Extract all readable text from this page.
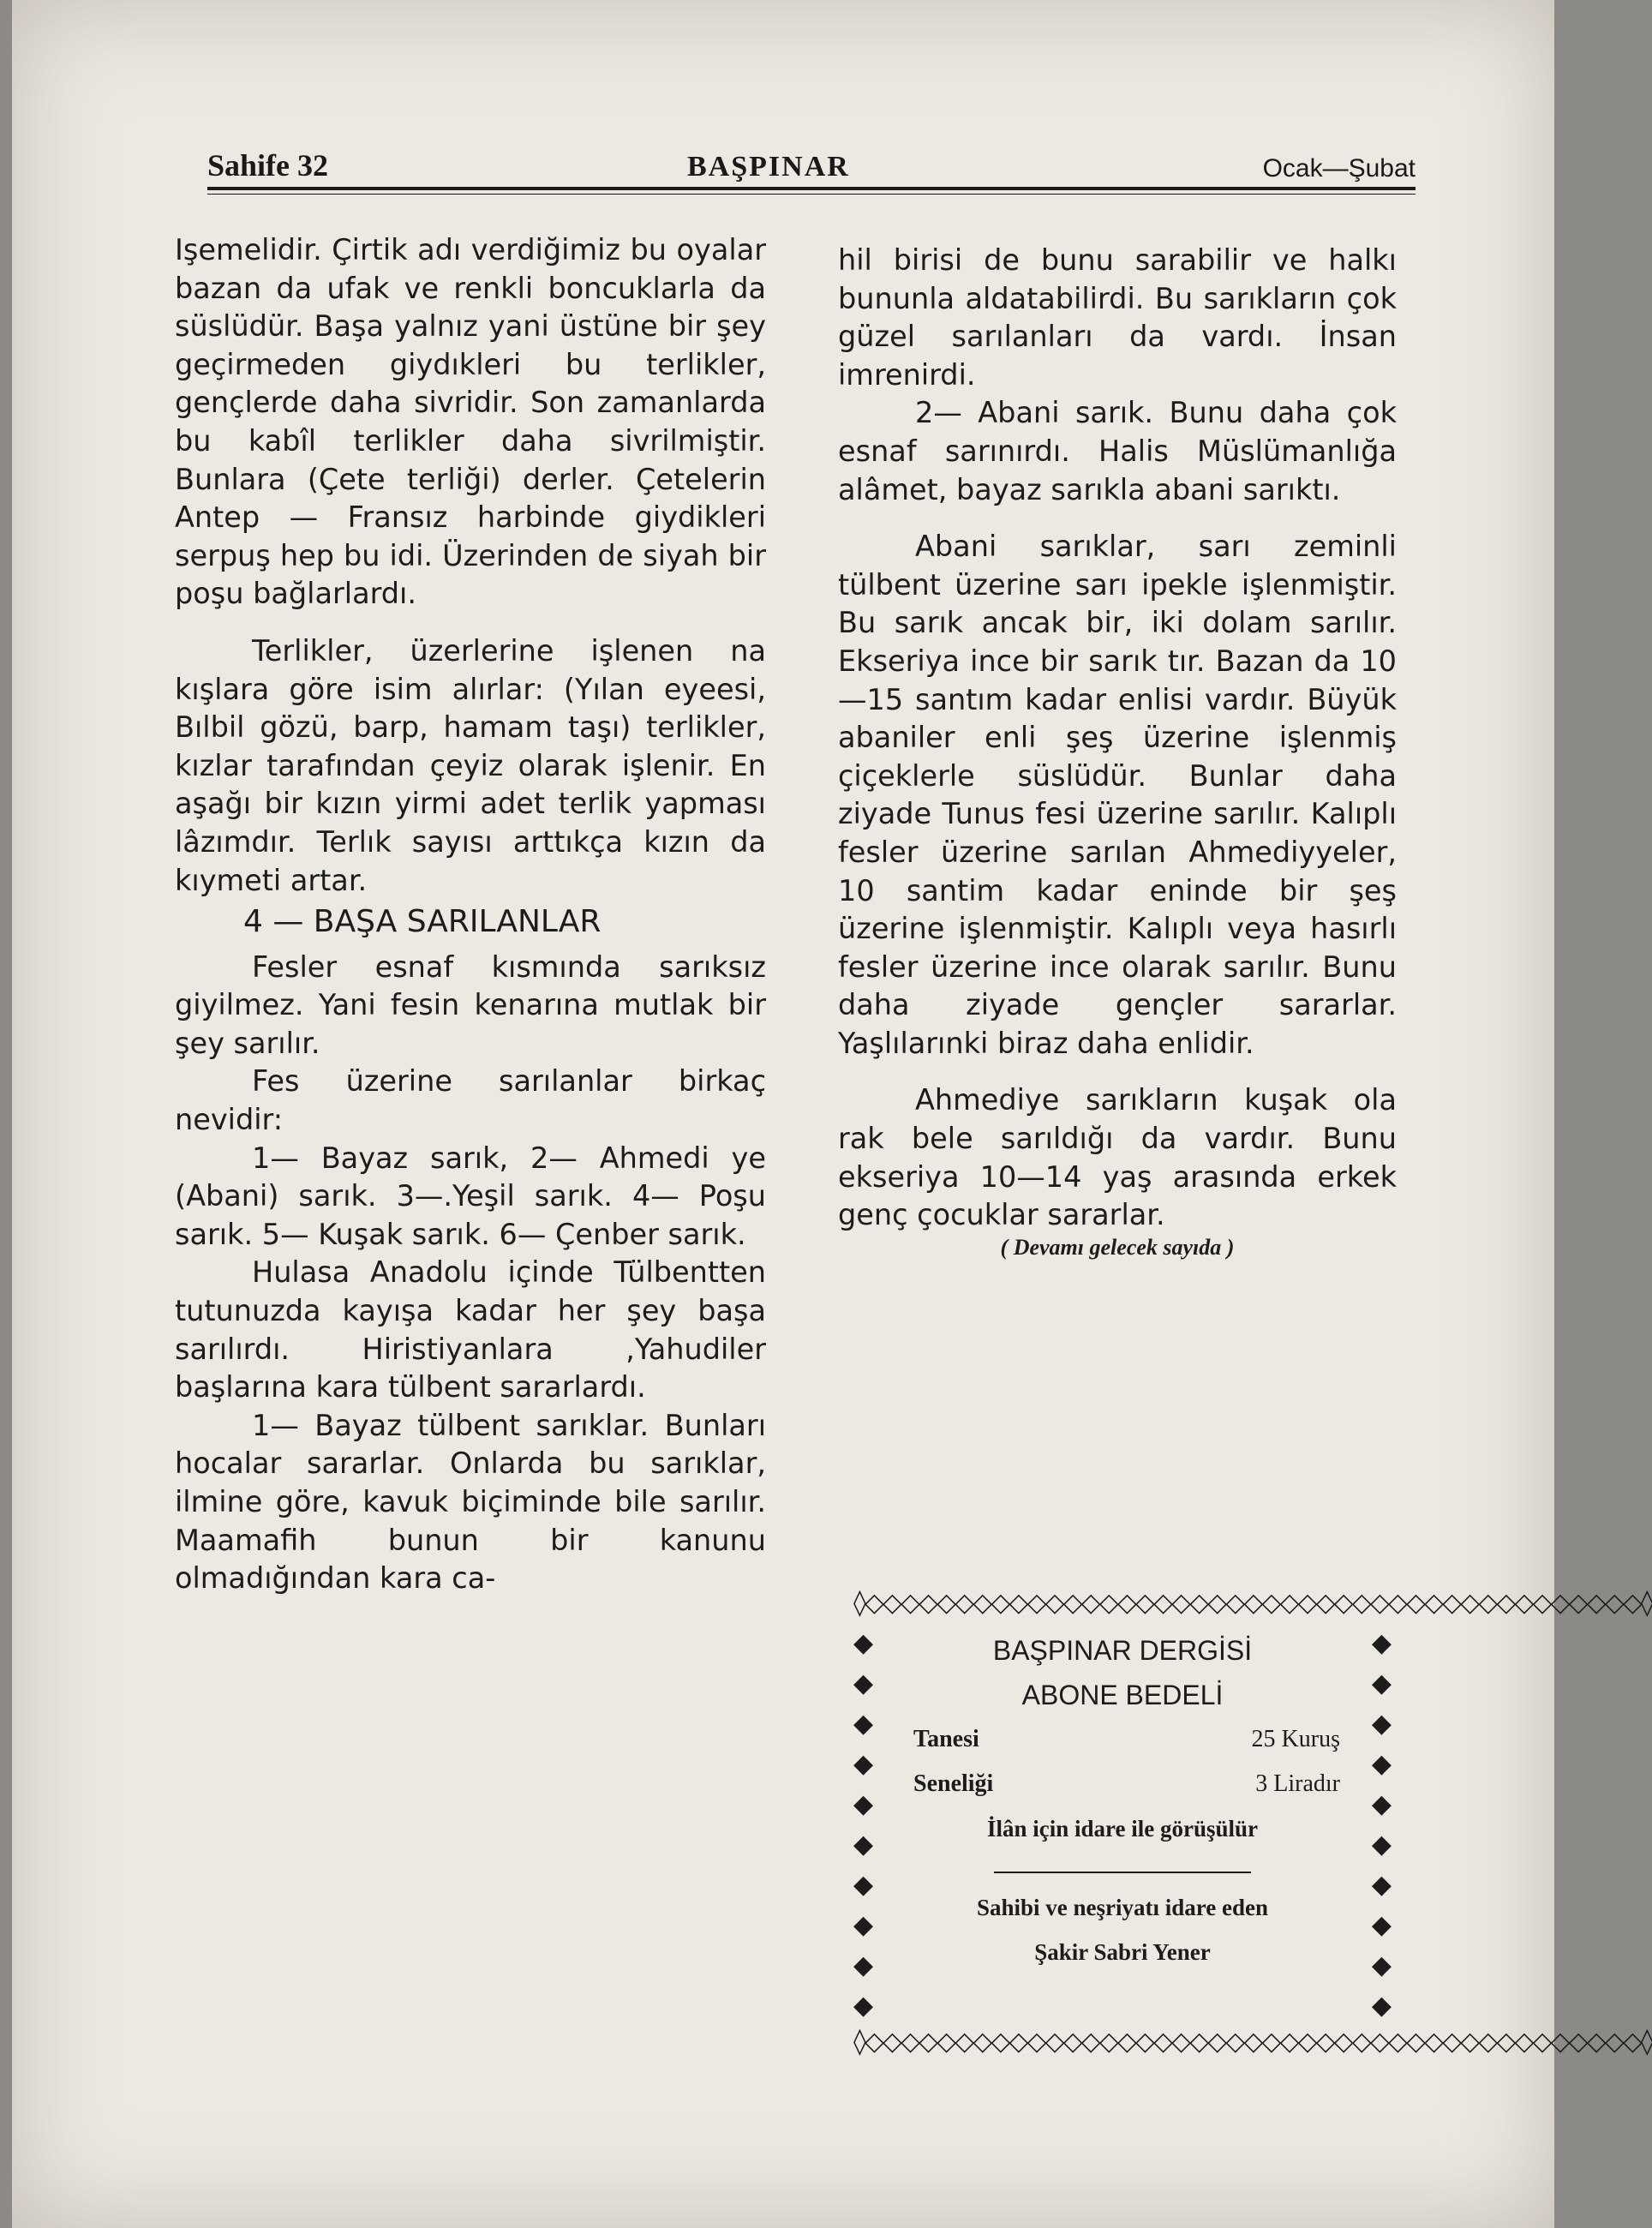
Sahife 32	BAŞPINAR	Ocak—Şubat

Işemelidir. Çirtik adı verdiğimiz bu oyalar bazan da ufak ve renkli boncuklarla da süslüdür. Başa yalnız yani üstüne bir şey geçirmeden giydıkleri bu terlikler, gençlerde daha sivridir. Son zamanlarda bu kabîl terlikler daha sivrilmiştir. Bunlara (Çete terliği) derler. Çetelerin Antep — Fransız harbinde giydikleri serpuş hep bu idi. Üzerinden de siyah bir poşu bağlarlardı.

Terlikler, üzerlerine işlenen na kışlara göre isim alırlar: (Yılan eyeesi, Bılbil gözü, barp, hamam taşı) terlikler, kızlar tarafından çeyiz olarak işlenir. En aşağı bir kızın yirmi adet terlik yapması lâzımdır. Terlık sayısı arttıkça kızın da kıymeti artar.

4 — BAŞA SARILANLAR

Fesler esnaf kısmında sarıksız giyilmez. Yani fesin kenarına mutlak bir şey sarılır.

Fes üzerine sarılanlar birkaç nevidir:

1— Bayaz sarık, 2— Ahmedi ye (Abani) sarık. 3—.Yeşil sarık. 4— Poşu sarık. 5— Kuşak sarık. 6— Çenber sarık.

Hulasa Anadolu içinde Tülbentten tutunuzda kayışa kadar her şey başa sarılırdı. Hiristiyanlara ,Yahudiler başlarına kara tülbent sararlardı.

1— Bayaz tülbent sarıklar. Bunları hocalar sararlar. Onlarda bu sarıklar, ilmine göre, kavuk biçiminde bile sarılır. Maamafih bunun bir kanunu olmadığından kara ca-

hil birisi de bunu sarabilir ve halkı bununla aldatabilirdi. Bu sarıkların çok güzel sarılanları da vardı. İnsan imrenirdi.

2— Abani sarık. Bunu daha çok esnaf sarınırdı. Halis Müslümanlığa alâmet, bayaz sarıkla abani sarıktı.

Abani sarıklar, sarı zeminli tülbent üzerine sarı ipekle işlenmiştir. Bu sarık ancak bir, iki dolam sarılır. Ekseriya ince bir sarık tır. Bazan da 10—15 santım kadar enlisi vardır. Büyük abaniler enli şeş üzerine işlenmiş çiçeklerle süslüdür. Bunlar daha ziyade Tunus fesi üzerine sarılır. Kalıplı fesler üzerine sarılan Ahmediyyeler, 10 santim kadar eninde bir şeş üzerine işlenmiştir. Kalıplı veya hasırlı fesler üzerine ince olarak sarılır. Bunu daha ziyade gençler sararlar. Yaşlılarınki biraz daha enlidir.

Ahmediye sarıkların kuşak ola rak bele sarıldığı da vardır. Bunu ekseriya 10—14 yaş arasında erkek genç çocuklar sararlar.

( Devamı gelecek sayıda )

◊◇◇◇◇◇◇◇◇◇◇◇◇◇◇◇◇◇◇◇◇◇◇◇◇◇◇◇◇◇◇◇◇◇◇◇◇◇◇◇◇◇◇◇◊
◆
◆
◆
◆
◆
◆
◆
◆
◆
◆
◆
◆
◆
◆
◆
◆
◆
◆
◆
◆
BAŞPINAR DERGİSİ
ABONE BEDELİ
Tanesi	25 Kuruş
Seneliği	3 Liradır
İlân için idare ile görüşülür
Sahibi ve neşriyatı idare eden
Şakir Sabri Yener
◊◇◇◇◇◇◇◇◇◇◇◇◇◇◇◇◇◇◇◇◇◇◇◇◇◇◇◇◇◇◇◇◇◇◇◇◇◇◇◇◇◇◇◇◊
